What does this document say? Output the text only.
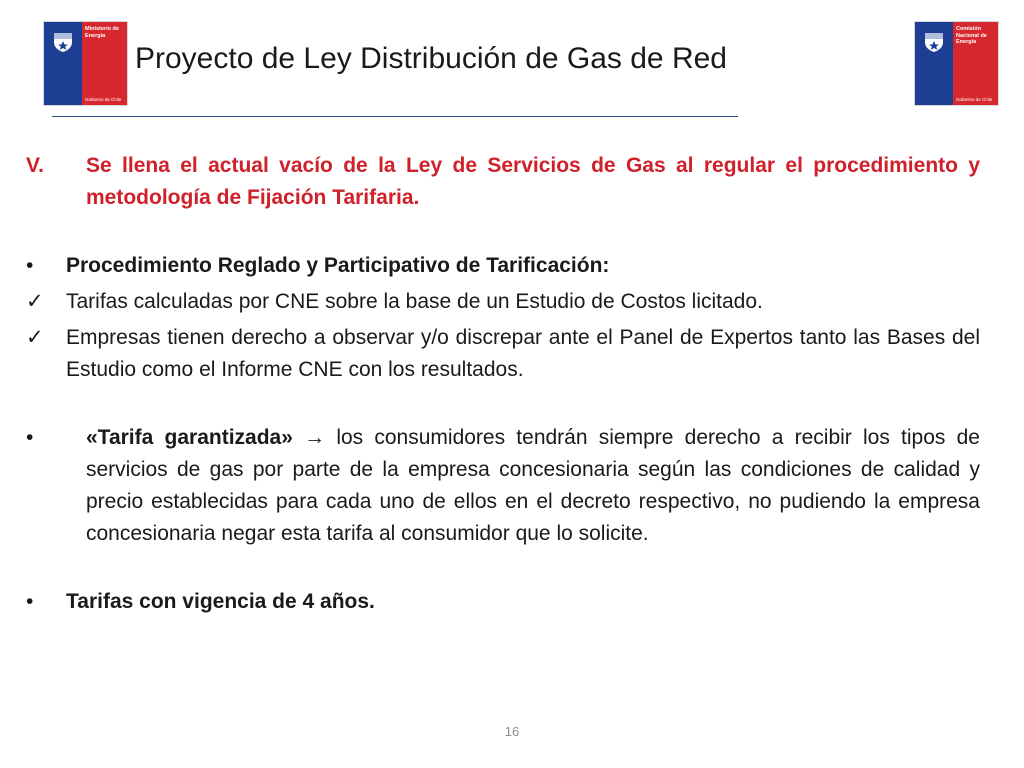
Ministerio de Energía
Gobierno de Chile
Proyecto de Ley Distribución de Gas de Red
Comisión Nacional de Energía
Gobierno de Chile
V.	Se llena el actual vacío de la Ley de Servicios de Gas al regular el procedimiento y metodología de Fijación Tarifaria.
•	Procedimiento Reglado y Participativo de Tarificación:
✓	Tarifas calculadas por CNE sobre la base de un Estudio de Costos licitado.
✓	Empresas tienen derecho a observar y/o discrepar ante el Panel de Expertos tanto las Bases del Estudio como el Informe CNE con los resultados.
•	«Tarifa garantizada» → los consumidores tendrán siempre derecho a recibir los tipos de servicios de gas por parte de la empresa concesionaria según las condiciones de calidad y precio establecidas para cada uno de ellos en el decreto respectivo, no pudiendo la empresa concesionaria negar esta tarifa al consumidor que lo solicite.
•	Tarifas con vigencia de 4 años.
16
